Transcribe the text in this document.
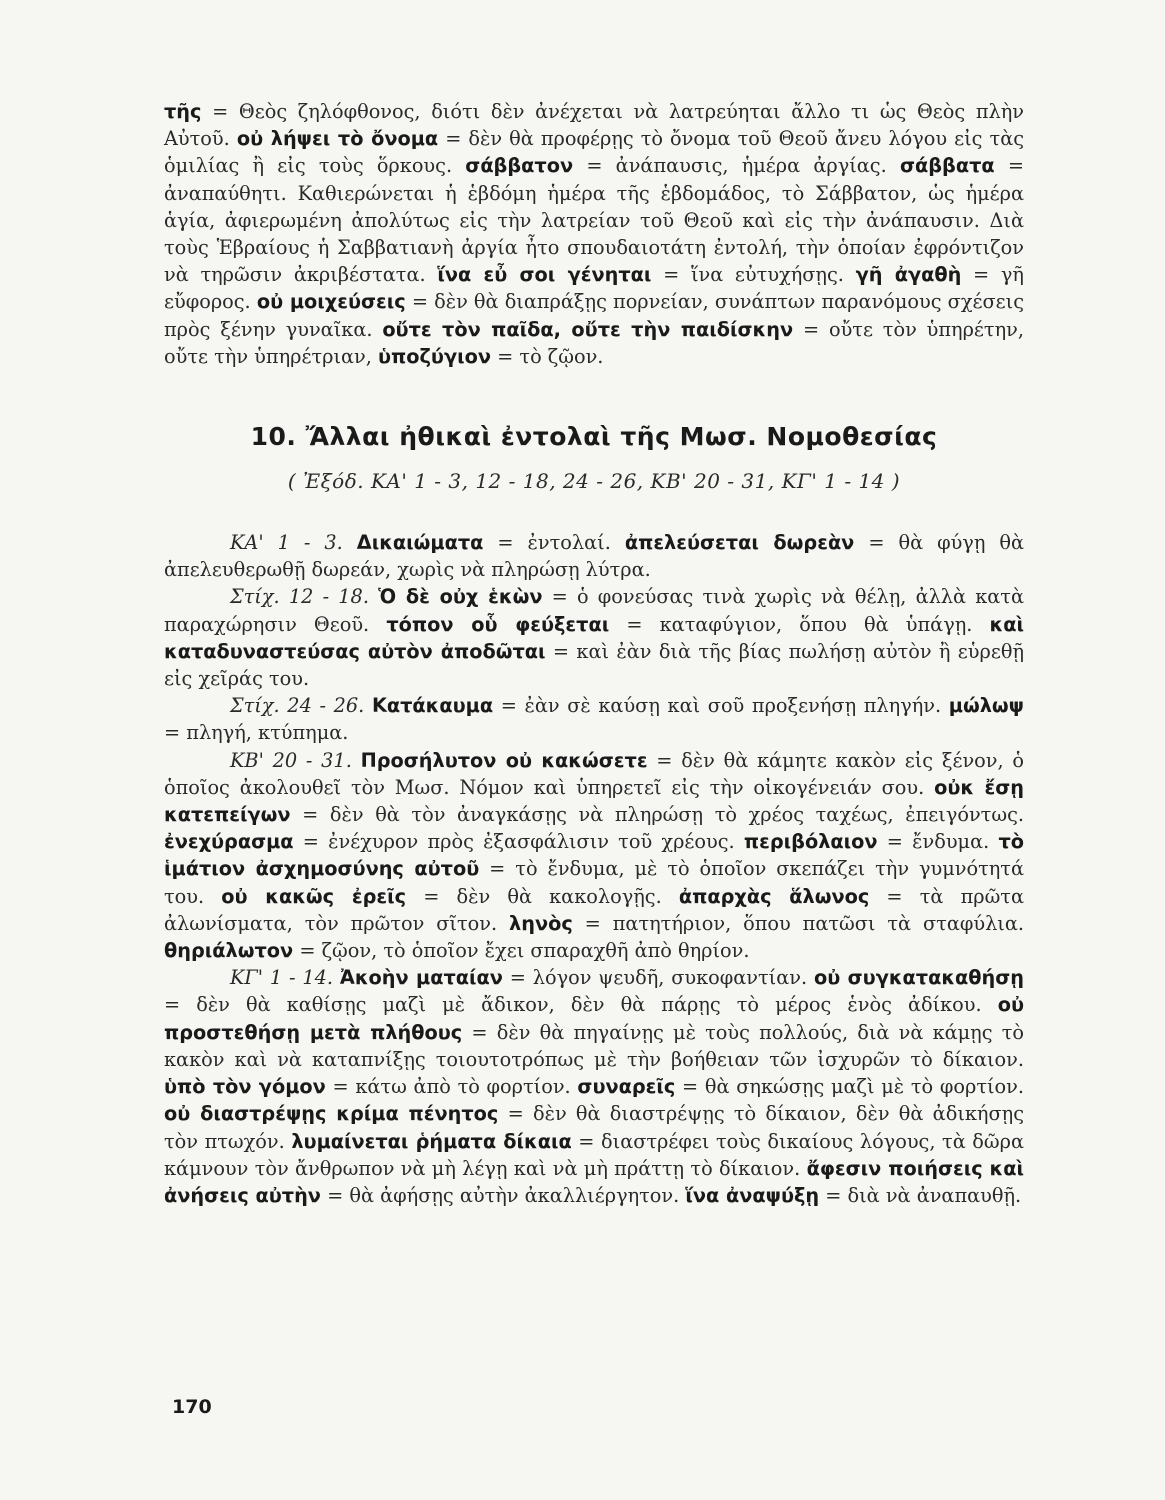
τῆς = Θεὸς ζηλόφθονος, διότι δὲν ἀνέχεται νὰ λατρεύηται ἄλλο τι ὡς Θεὸς πλὴν Αὐτοῦ. οὐ λήψει τὸ ὄνομα = δὲν θὰ προφέρῃς τὸ ὄνομα τοῦ Θεοῦ ἄνευ λόγου εἰς τὰς ὁμιλίας ἢ εἰς τοὺς ὅρκους. σάββατον = ἀνάπαυσις, ἡμέρα ἀργίας. σάββατα = ἀναπαύθητι. Καθιερώνεται ἡ ἑβδόμη ἡμέρα τῆς ἑβδομάδος, τὸ Σάββατον, ὡς ἡμέρα ἁγία, ἀφιερωμένη ἀπολύτως εἰς τὴν λατρείαν τοῦ Θεοῦ καὶ εἰς τὴν ἀνάπαυσιν. Διὰ τοὺς Ἑβραίους ἡ Σαββατιανὴ ἀργία ἦτο σπουδαιοτάτη ἐντολή, τὴν ὁποίαν ἐφρόντιζον νὰ τηρῶσιν ἀκριβέστατα. ἵνα εὖ σοι γένηται = ἵνα εὐτυχήσῃς. γῆ ἀγαθὴ = γῆ εὔφορος. οὐ μοιχεύσεις = δὲν θὰ διαπράξῃς πορνείαν, συνάπτων παρανόμους σχέσεις πρὸς ξένην γυναῖκα. οὔτε τὸν παῖδα, οὔτε τὴν παιδίσκην = οὔτε τὸν ὑπηρέτην, οὔτε τὴν ὑπηρέτριαν, ὑποζύγιον = τὸ ζῷον.

10. Ἄλλαι ἠθικαὶ ἐντολαὶ τῆς Μωσ. Νομοθεσίας
( Ἐξόδ. ΚΑ' 1 - 3, 12 - 18, 24 - 26, ΚΒ' 20 - 31, ΚΓ' 1 - 14 )

ΚΑ' 1 - 3. Δικαιώματα = ἐντολαί. ἀπελεύσεται δωρεὰν = θὰ φύγῃ θὰ ἀπελευθερωθῇ δωρεάν, χωρὶς νὰ πληρώσῃ λύτρα.

Στίχ. 12 - 18. Ὁ δὲ οὐχ ἑκὼν = ὁ φονεύσας τινὰ χωρὶς νὰ θέλῃ, ἀλλὰ κατὰ παραχώρησιν Θεοῦ. τόπον οὗ φεύξεται = καταφύγιον, ὅπου θὰ ὑπάγῃ. καὶ καταδυναστεύσας αὐτὸν ἀποδῶται = καὶ ἐὰν διὰ τῆς βίας πωλήσῃ αὐτὸν ἢ εὑρεθῇ εἰς χεῖράς του.

Στίχ. 24 - 26. Κατάκαυμα = ἐὰν σὲ καύσῃ καὶ σοῦ προξενήσῃ πληγήν. μώλωψ = πληγή, κτύπημα.

ΚΒ' 20 - 31. Προσήλυτον οὐ κακώσετε = δὲν θὰ κάμητε κακὸν εἰς ξένον, ὁ ὁποῖος ἀκολουθεῖ τὸν Μωσ. Νόμον καὶ ὑπηρετεῖ εἰς τὴν οἰκογένειάν σου. οὐκ ἔσῃ κατεπείγων = δὲν θὰ τὸν ἀναγκάσῃς νὰ πληρώσῃ τὸ χρέος ταχέως, ἐπειγόντως. ἐνεχύρασμα = ἐνέχυρον πρὸς ἐξασφάλισιν τοῦ χρέους. περιβόλαιον = ἔνδυμα. τὸ ἱμάτιον ἀσχημοσύνης αὐτοῦ = τὸ ἔνδυμα, μὲ τὸ ὁποῖον σκεπάζει τὴν γυμνότητά του. οὐ κακῶς ἐρεῖς = δὲν θὰ κακολογῇς. ἀπαρχὰς ἅλωνος = τὰ πρῶτα ἀλωνίσματα, τὸν πρῶτον σῖτον. ληνὸς = πατητήριον, ὅπου πατῶσι τὰ σταφύλια. θηριάλωτον = ζῷον, τὸ ὁποῖον ἔχει σπαραχθῆ ἀπὸ θηρίον.

ΚΓ' 1 - 14. Ἀκοὴν ματαίαν = λόγον ψευδῆ, συκοφαντίαν. οὐ συγκατακαθήσῃ = δὲν θὰ καθίσῃς μαζὶ μὲ ἄδικον, δὲν θὰ πάρῃς τὸ μέρος ἑνὸς ἀδίκου. οὐ προστεθήσῃ μετὰ πλήθους = δὲν θὰ πηγαίνῃς μὲ τοὺς πολλούς, διὰ νὰ κάμῃς τὸ κακὸν καὶ νὰ καταπνίξῃς τοιουτοτρόπως μὲ τὴν βοήθειαν τῶν ἰσχυρῶν τὸ δίκαιον. ὑπὸ τὸν γόμον = κάτω ἀπὸ τὸ φορτίον. συναρεῖς = θὰ σηκώσῃς μαζὶ μὲ τὸ φορτίον. οὐ διαστρέψῃς κρίμα πένητος = δὲν θὰ διαστρέψῃς τὸ δίκαιον, δὲν θὰ ἀδικήσῃς τὸν πτωχόν. λυμαίνεται ῥήματα δίκαια = διαστρέφει τοὺς δικαίους λόγους, τὰ δῶρα κάμνουν τὸν ἄνθρωπον νὰ μὴ λέγῃ καὶ νὰ μὴ πράττῃ τὸ δίκαιον. ἄφεσιν ποιήσεις καὶ ἀνήσεις αὐτὴν = θὰ ἀφήσῃς αὐτὴν ἀκαλλιέργητον. ἵνα ἀναψύξῃ = διὰ νὰ ἀναπαυθῇ.

170
